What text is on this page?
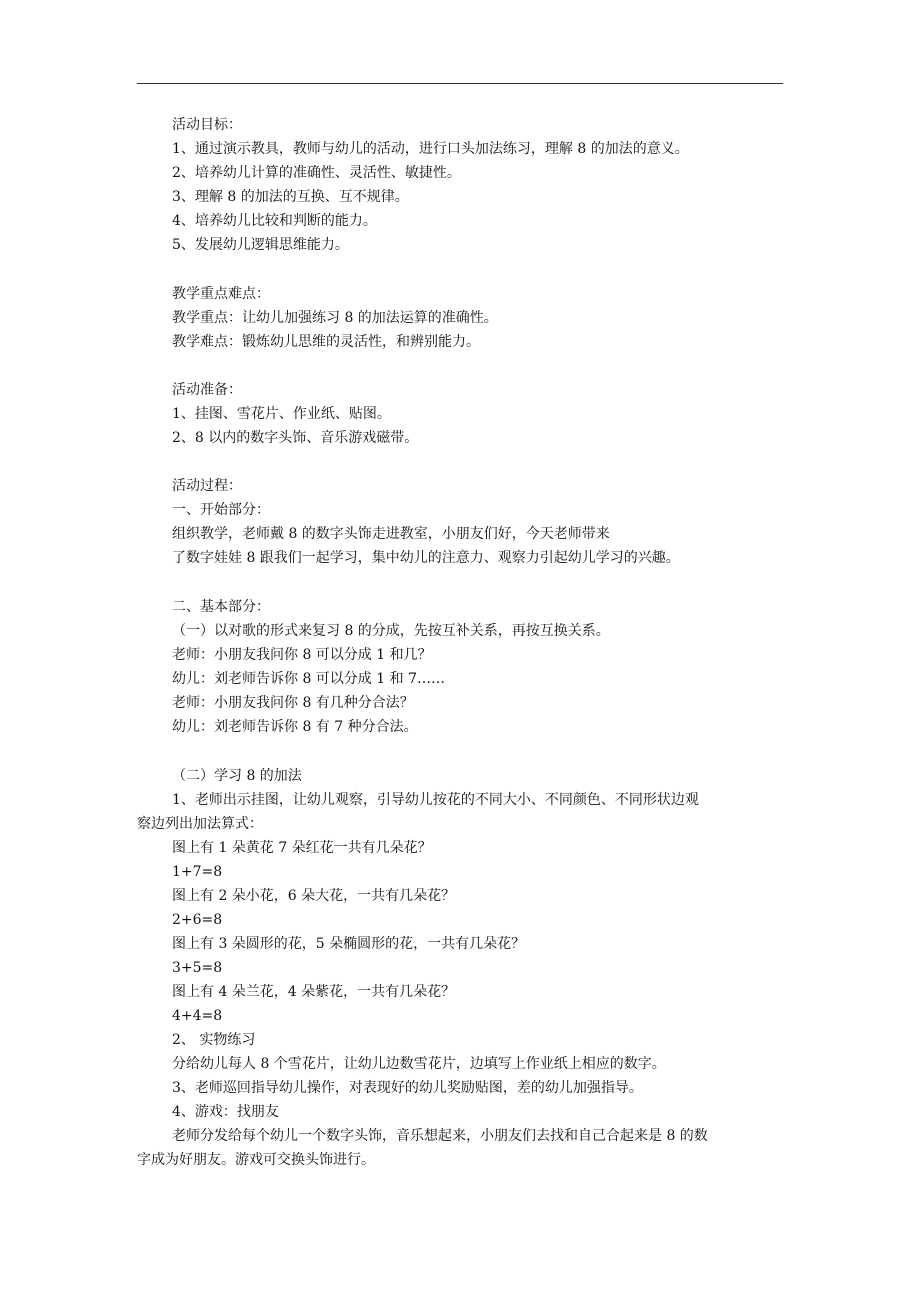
活动目标：
1、通过演示教具，教师与幼儿的活动，进行口头加法练习，理解 8 的加法的意义。
2、培养幼儿计算的准确性、灵活性、敏捷性。
3、理解 8 的加法的互换、互不规律。
4、培养幼儿比较和判断的能力。
5、发展幼儿逻辑思维能力。
教学重点难点：
教学重点：让幼儿加强练习 8 的加法运算的准确性。
教学难点：锻炼幼儿思维的灵活性，和辨别能力。
活动准备：
1、挂图、雪花片、作业纸、贴图。
2、8 以内的数字头饰、音乐游戏磁带。
活动过程：
一、开始部分：
组织教学，老师戴 8 的数字头饰走进教室，小朋友们好，今天老师带来
了数字娃娃 8 跟我们一起学习，集中幼儿的注意力、观察力引起幼儿学习的兴趣。
二、基本部分：
（一）以对歌的形式来复习 8 的分成，先按互补关系，再按互换关系。
老师：小朋友我问你 8 可以分成 1 和几？
幼儿：刘老师告诉你 8 可以分成 1 和 7……
老师：小朋友我问你 8 有几种分合法？
幼儿：刘老师告诉你 8 有 7 种分合法。
（二）学习 8 的加法
1、老师出示挂图，让幼儿观察，引导幼儿按花的不同大小、不同颜色、不同形状边观
察边列出加法算式：
图上有 1 朵黄花 7 朵红花一共有几朵花？
1+7=8
图上有 2 朵小花，6 朵大花，一共有几朵花？
2+6=8
图上有 3 朵圆形的花，5 朵椭圆形的花，一共有几朵花？
3+5=8
图上有 4 朵兰花，4 朵紫花，一共有几朵花？
4+4=8
2、 实物练习
分给幼儿每人 8 个雪花片，让幼儿边数雪花片，边填写上作业纸上相应的数字。
3、老师巡回指导幼儿操作，对表现好的幼儿奖励贴图，差的幼儿加强指导。
4、游戏：找朋友
老师分发给每个幼儿一个数字头饰，音乐想起来，小朋友们去找和自己合起来是 8 的数
字成为好朋友。游戏可交换头饰进行。
